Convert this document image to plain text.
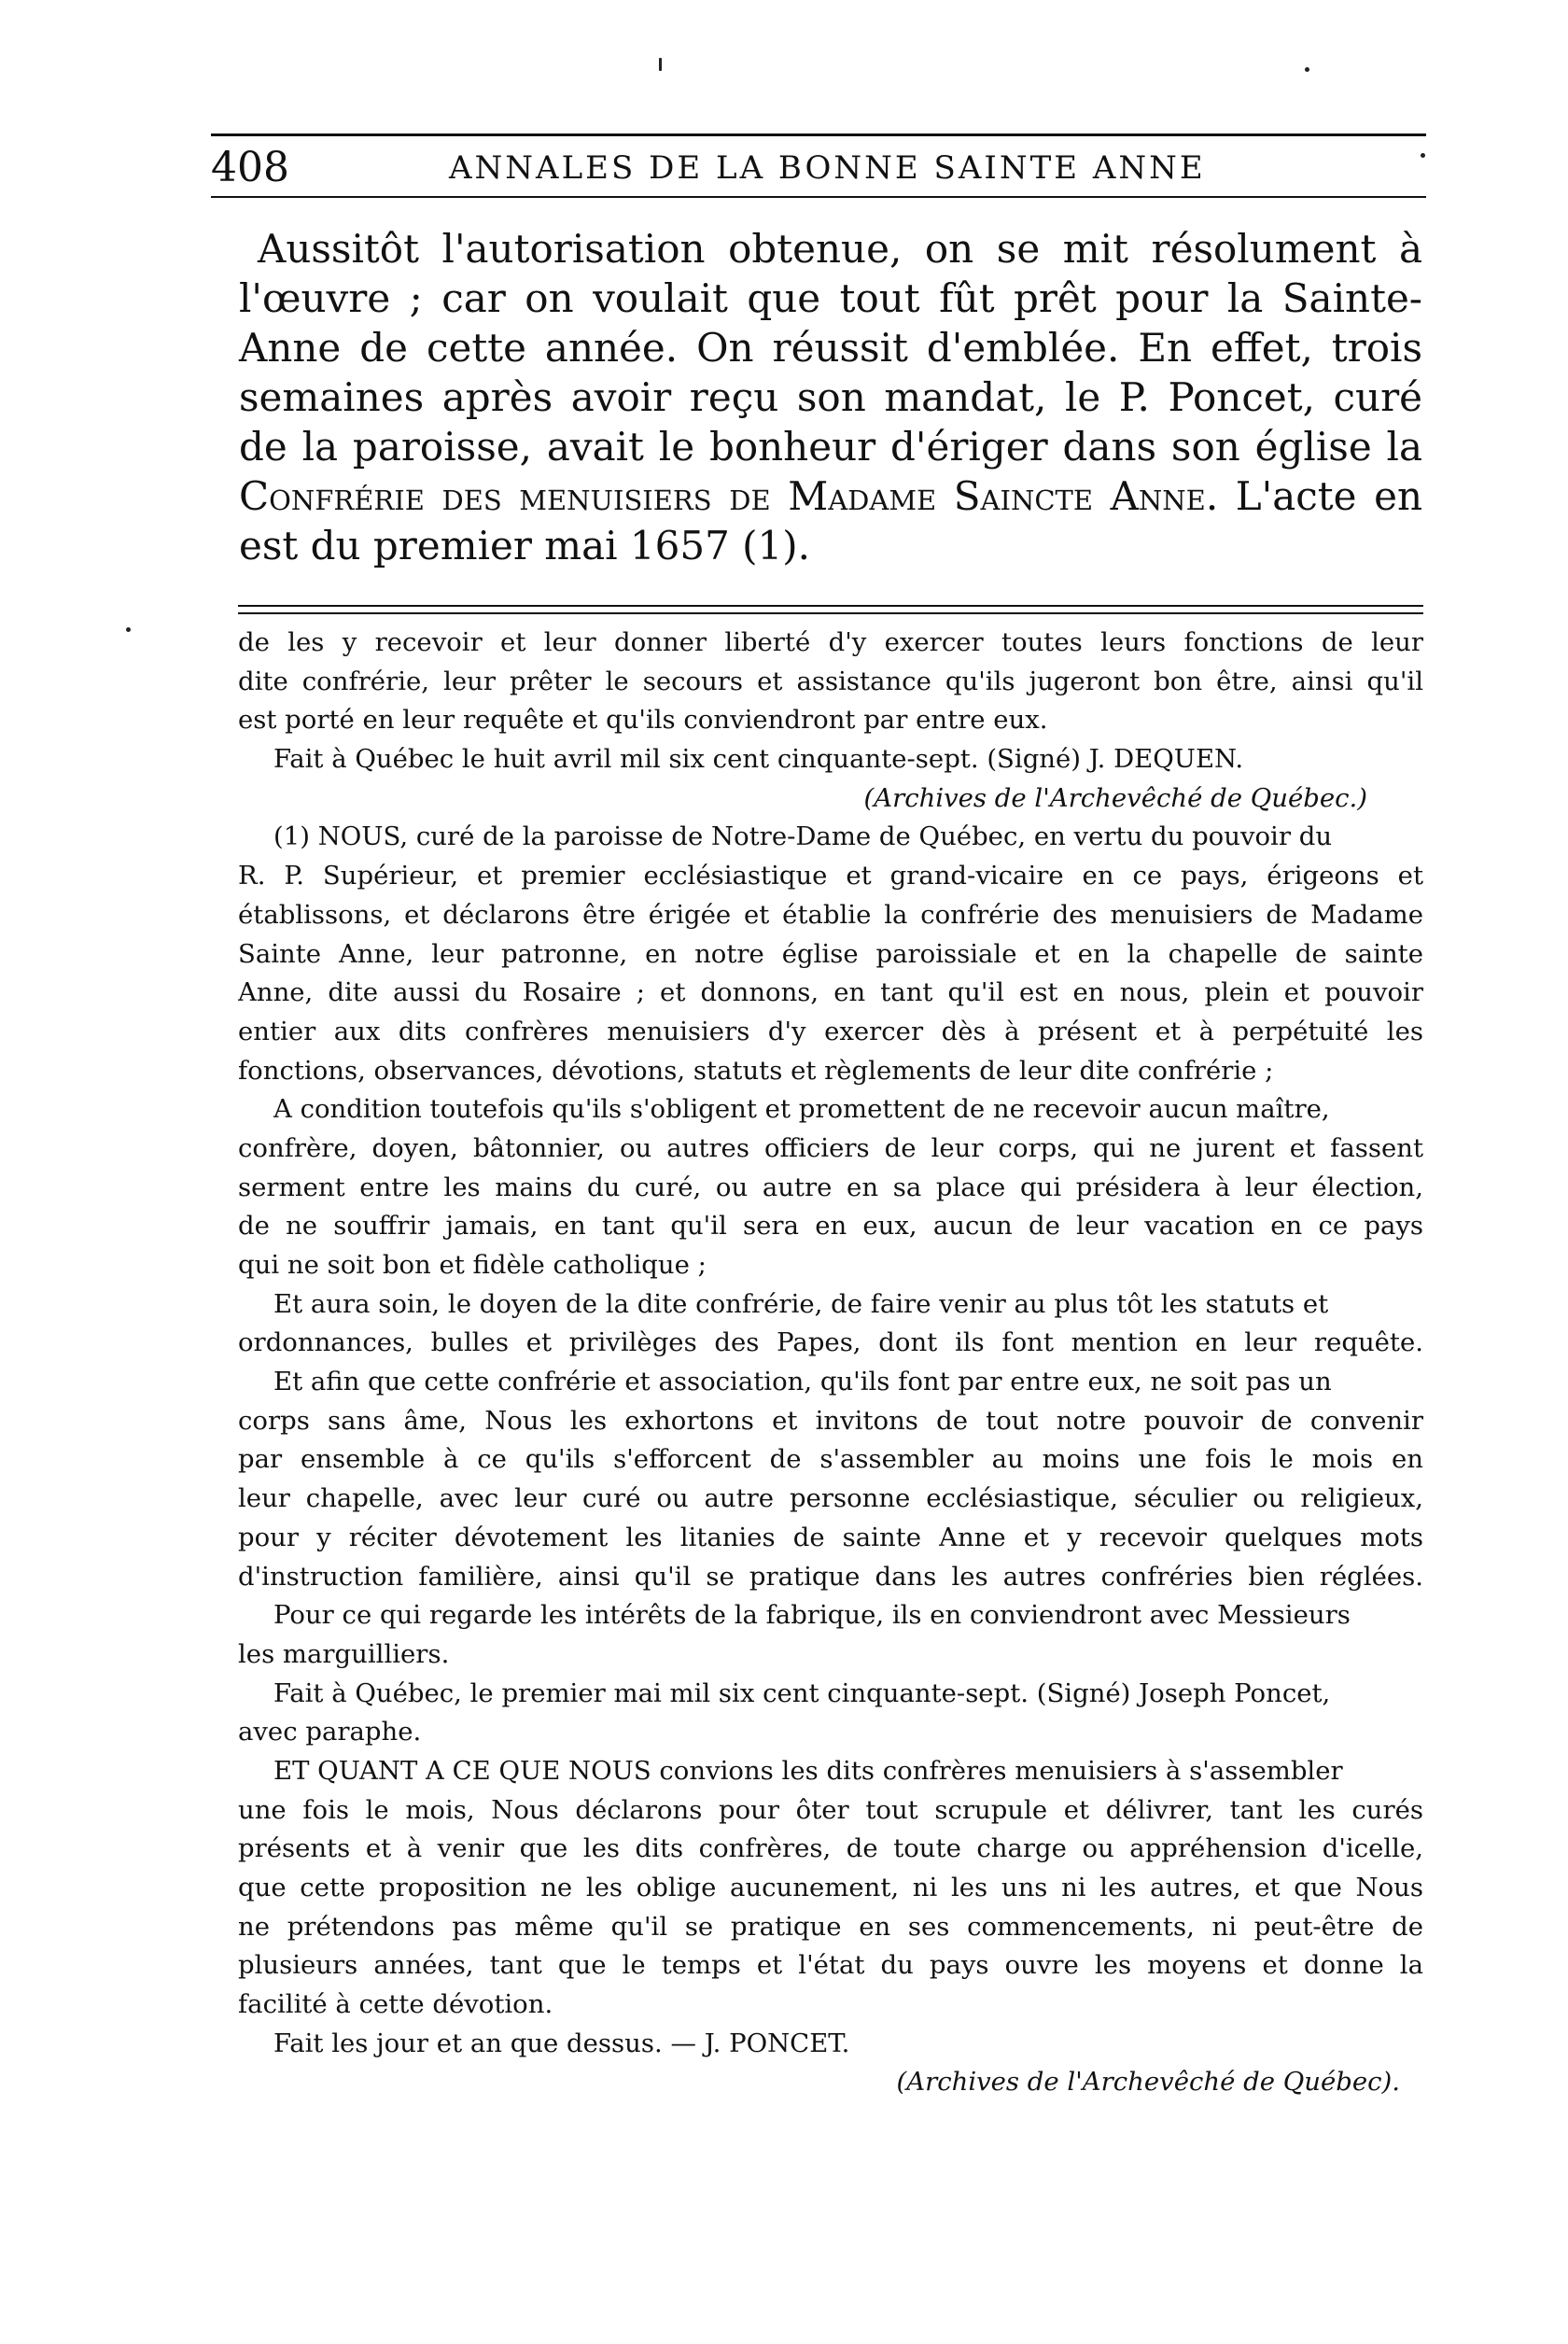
408	ANNALES DE LA BONNE SAINTE ANNE

Aussitôt l'autorisation obtenue, on se mit résolument à l'œuvre ; car on voulait que tout fût prêt pour la Sainte-Anne de cette année. On réussit d'emblée. En effet, trois semaines après avoir reçu son mandat, le P. Poncet, curé de la paroisse, avait le bonheur d'ériger dans son église la Confrérie des menuisiers de Madame Saincte Anne. L'acte en est du premier mai 1657 (1).

de les y recevoir et leur donner liberté d'y exercer toutes leurs fonctions de leur
dite confrérie, leur prêter le secours et assistance qu'ils jugeront bon être, ainsi qu'il
est porté en leur requête et qu'ils conviendront par entre eux.
Fait à Québec le huit avril mil six cent cinquante-sept. (Signé) J. DEQUEN.
(Archives de l'Archevêché de Québec.)
(1) NOUS, curé de la paroisse de Notre-Dame de Québec, en vertu du pouvoir du
R. P. Supérieur, et premier ecclésiastique et grand-vicaire en ce pays, érigeons et
établissons, et déclarons être érigée et établie la confrérie des menuisiers de Madame
Sainte Anne, leur patronne, en notre église paroissiale et en la chapelle de sainte
Anne, dite aussi du Rosaire ; et donnons, en tant qu'il est en nous, plein et pouvoir
entier aux dits confrères menuisiers d'y exercer dès à présent et à perpétuité les
fonctions, observances, dévotions, statuts et règlements de leur dite confrérie ;
A condition toutefois qu'ils s'obligent et promettent de ne recevoir aucun maître,
confrère, doyen, bâtonnier, ou autres officiers de leur corps, qui ne jurent et fassent
serment entre les mains du curé, ou autre en sa place qui présidera à leur élection,
de ne souffrir jamais, en tant qu'il sera en eux, aucun de leur vacation en ce pays
qui ne soit bon et fidèle catholique ;
Et aura soin, le doyen de la dite confrérie, de faire venir au plus tôt les statuts et
ordonnances, bulles et privilèges des Papes, dont ils font mention en leur requête.
Et afin que cette confrérie et association, qu'ils font par entre eux, ne soit pas un
corps sans âme, Nous les exhortons et invitons de tout notre pouvoir de convenir
par ensemble à ce qu'ils s'efforcent de s'assembler au moins une fois le mois en
leur chapelle, avec leur curé ou autre personne ecclésiastique, séculier ou religieux,
pour y réciter dévotement les litanies de sainte Anne et y recevoir quelques mots
d'instruction familière, ainsi qu'il se pratique dans les autres confréries bien réglées.
Pour ce qui regarde les intérêts de la fabrique, ils en conviendront avec Messieurs
les marguilliers.
Fait à Québec, le premier mai mil six cent cinquante-sept. (Signé) Joseph Poncet,
avec paraphe.
ET QUANT A CE QUE NOUS convions les dits confrères menuisiers à s'assembler
une fois le mois, Nous déclarons pour ôter tout scrupule et délivrer, tant les curés
présents et à venir que les dits confrères, de toute charge ou appréhension d'icelle,
que cette proposition ne les oblige aucunement, ni les uns ni les autres, et que Nous
ne prétendons pas même qu'il se pratique en ses commencements, ni peut-être de
plusieurs années, tant que le temps et l'état du pays ouvre les moyens et donne la
facilité à cette dévotion.
Fait les jour et an que dessus. — J. PONCET.
(Archives de l'Archevêché de Québec).
